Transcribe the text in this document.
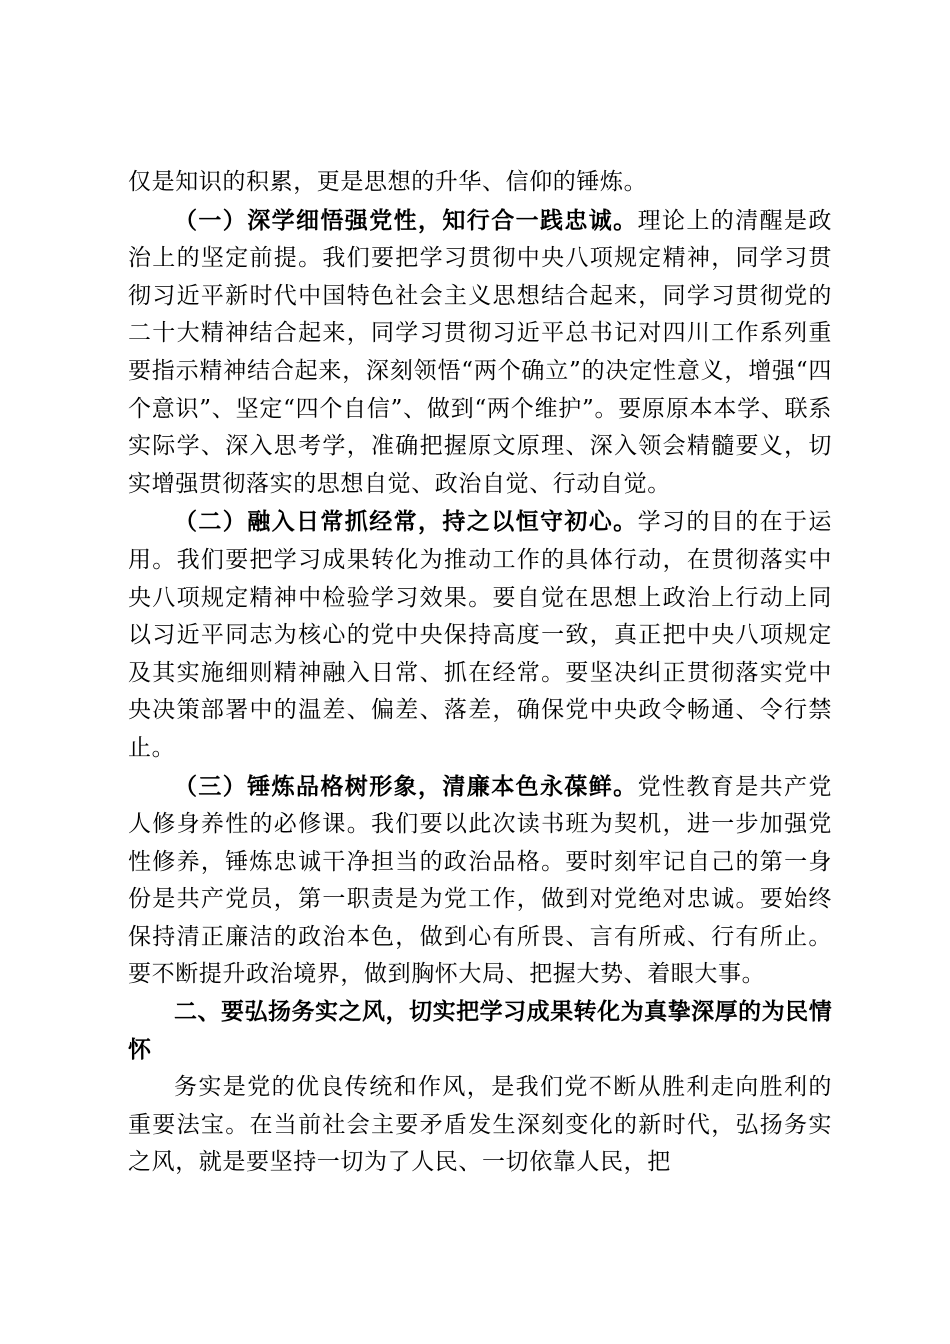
仅是知识的积累，更是思想的升华、信仰的锤炼。

（一）深学细悟强党性，知行合一践忠诚。理论上的清醒是政治上的坚定前提。我们要把学习贯彻中央八项规定精神，同学习贯彻习近平新时代中国特色社会主义思想结合起来，同学习贯彻党的二十大精神结合起来，同学习贯彻习近平总书记对四川工作系列重要指示精神结合起来，深刻领悟“两个确立”的决定性意义，增强“四个意识”、坚定“四个自信”、做到“两个维护”。要原原本本学、联系实际学、深入思考学，准确把握原文原理、深入领会精髓要义，切实增强贯彻落实的思想自觉、政治自觉、行动自觉。

（二）融入日常抓经常，持之以恒守初心。学习的目的在于运用。我们要把学习成果转化为推动工作的具体行动，在贯彻落实中央八项规定精神中检验学习效果。要自觉在思想上政治上行动上同以习近平同志为核心的党中央保持高度一致，真正把中央八项规定及其实施细则精神融入日常、抓在经常。要坚决纠正贯彻落实党中央决策部署中的温差、偏差、落差，确保党中央政令畅通、令行禁止。

（三）锤炼品格树形象，清廉本色永葆鲜。党性教育是共产党人修身养性的必修课。我们要以此次读书班为契机，进一步加强党性修养，锤炼忠诚干净担当的政治品格。要时刻牢记自己的第一身份是共产党员，第一职责是为党工作，做到对党绝对忠诚。要始终保持清正廉洁的政治本色，做到心有所畏、言有所戒、行有所止。要不断提升政治境界，做到胸怀大局、把握大势、着眼大事。

二、要弘扬务实之风，切实把学习成果转化为真挚深厚的为民情怀

务实是党的优良传统和作风，是我们党不断从胜利走向胜利的重要法宝。在当前社会主要矛盾发生深刻变化的新时代，弘扬务实之风，就是要坚持一切为了人民、一切依靠人民，把
